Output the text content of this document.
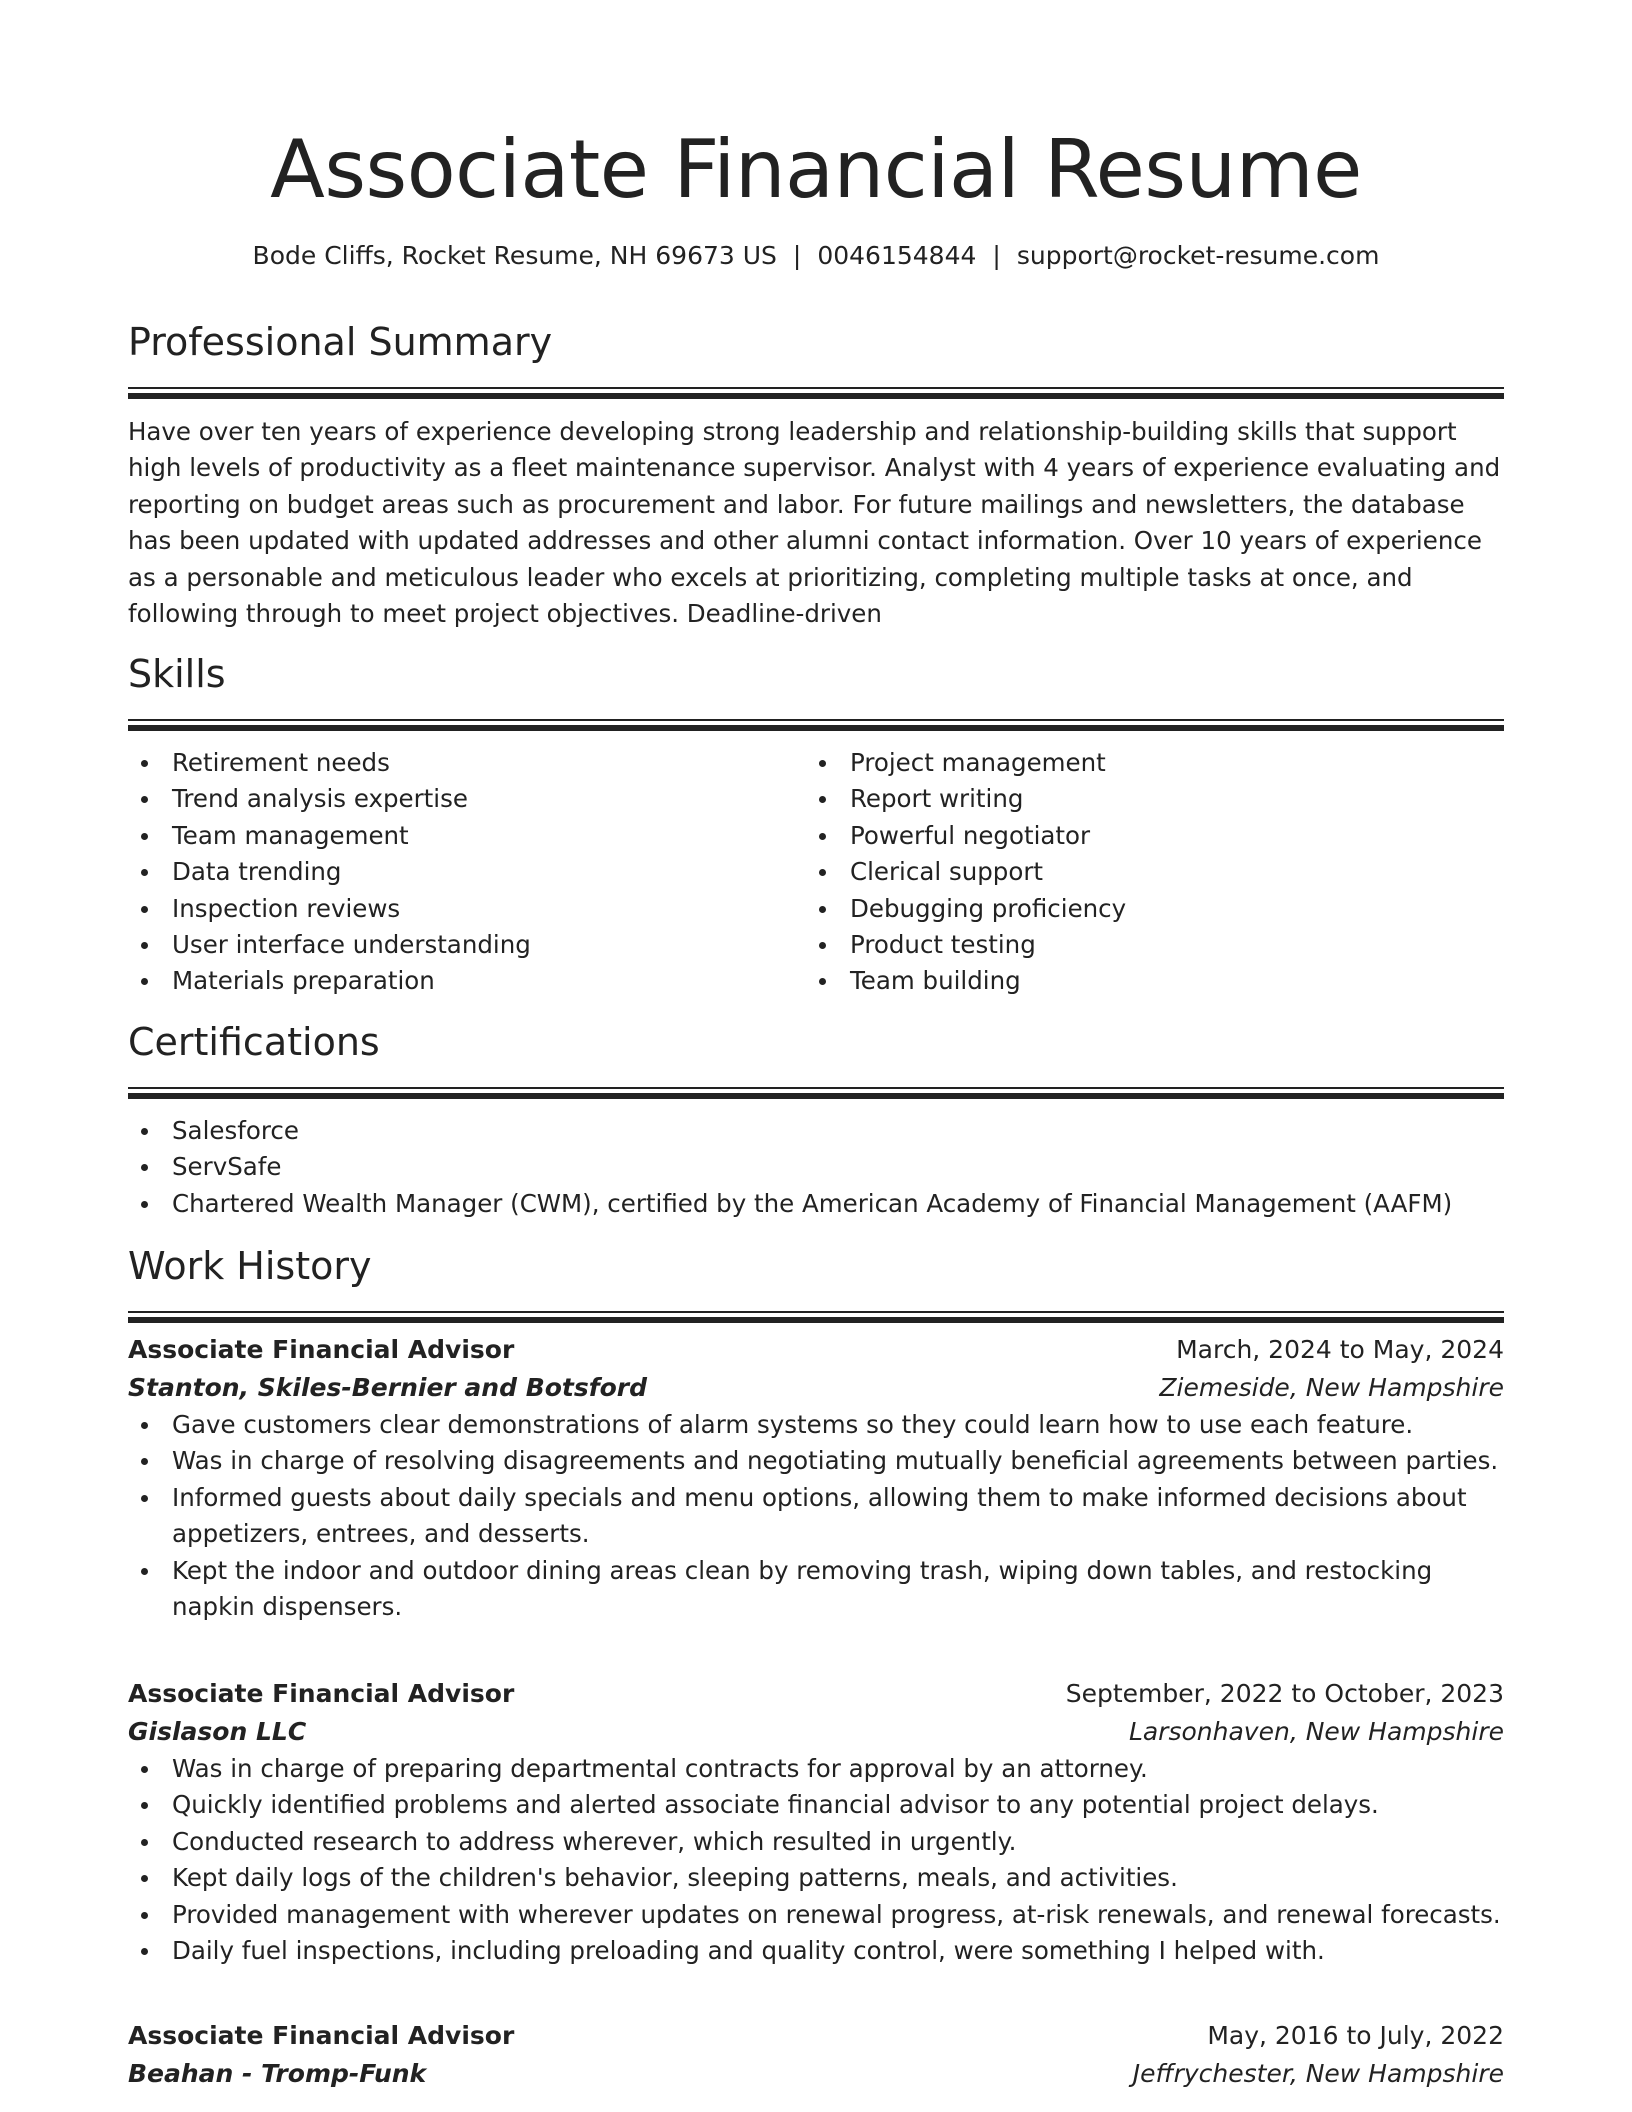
Associate Financial Resume
Bode Cliffs, Rocket Resume, NH 69673 US | 0046154844 | support@rocket-resume.com
Professional Summary
Have over ten years of experience developing strong leadership and relationship-building skills that support high levels of productivity as a fleet maintenance supervisor. Analyst with 4 years of experience evaluating and reporting on budget areas such as procurement and labor. For future mailings and newsletters, the database has been updated with updated addresses and other alumni contact information. Over 10 years of experience as a personable and meticulous leader who excels at prioritizing, completing multiple tasks at once, and following through to meet project objectives. Deadline-driven
Skills
Retirement needs
Trend analysis expertise
Team management
Data trending
Inspection reviews
User interface understanding
Materials preparation
Project management
Report writing
Powerful negotiator
Clerical support
Debugging proficiency
Product testing
Team building
Certifications
Salesforce
ServSafe
Chartered Wealth Manager (CWM), certified by the American Academy of Financial Management (AAFM)
Work History
Associate Financial Advisor	March, 2024 to May, 2024
Stanton, Skiles-Bernier and Botsford	Ziemeside, New Hampshire
Gave customers clear demonstrations of alarm systems so they could learn how to use each feature.
Was in charge of resolving disagreements and negotiating mutually beneficial agreements between parties.
Informed guests about daily specials and menu options, allowing them to make informed decisions about appetizers, entrees, and desserts.
Kept the indoor and outdoor dining areas clean by removing trash, wiping down tables, and restocking napkin dispensers.
Associate Financial Advisor	September, 2022 to October, 2023
Gislason LLC	Larsonhaven, New Hampshire
Was in charge of preparing departmental contracts for approval by an attorney.
Quickly identified problems and alerted associate financial advisor to any potential project delays.
Conducted research to address wherever, which resulted in urgently.
Kept daily logs of the children's behavior, sleeping patterns, meals, and activities.
Provided management with wherever updates on renewal progress, at-risk renewals, and renewal forecasts.
Daily fuel inspections, including preloading and quality control, were something I helped with.
Associate Financial Advisor	May, 2016 to July, 2022
Beahan - Tromp-Funk	Jeffrychester, New Hampshire
